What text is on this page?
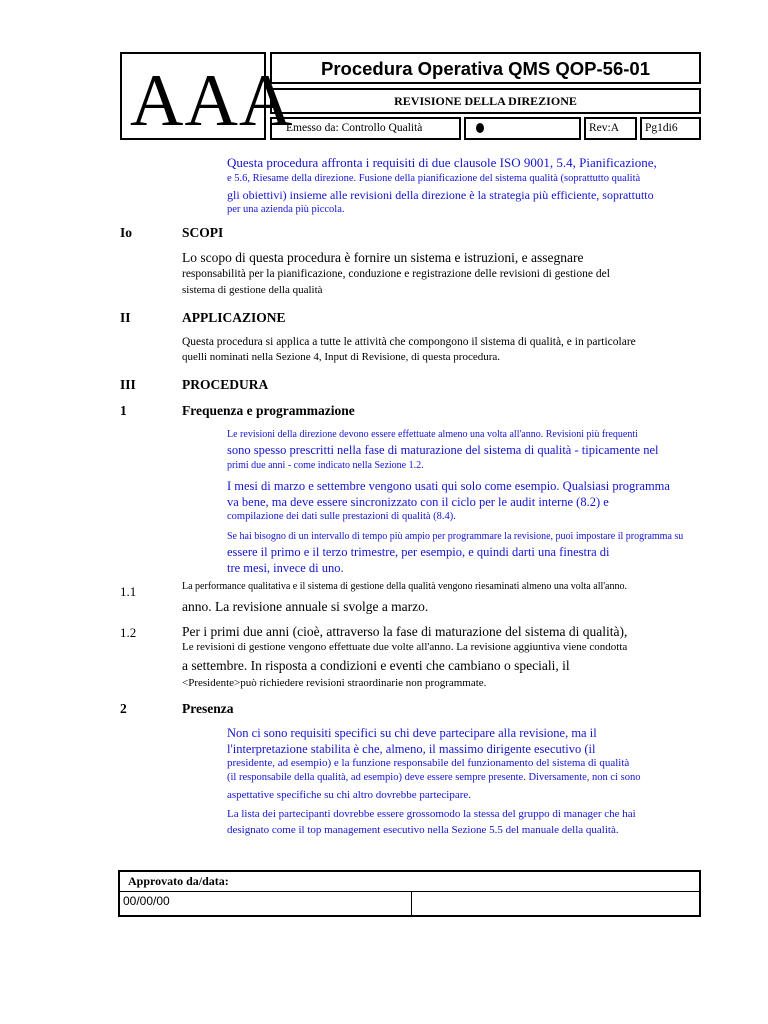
AAA	Procedura Operativa QMS QOP-56-01
REVISIONE DELLA DIREZIONE
Emesso da: Controllo Qualità	Rev:A	Pg1di6
Questa procedura affronta i requisiti di due clausole ISO 9001, 5.4, Pianificazione,
e 5.6, Riesame della direzione. Fusione della pianificazione del sistema qualità (soprattutto qualità
gli obiettivi) insieme alle revisioni della direzione è la strategia più efficiente, soprattutto
per una azienda più piccola.
Io	SCOPI
Lo scopo di questa procedura è fornire un sistema e istruzioni, e assegnare
responsabilità per la pianificazione, conduzione e registrazione delle revisioni di gestione del
sistema di gestione della qualità
II	APPLICAZIONE
Questa procedura si applica a tutte le attività che compongono il sistema di qualità, e in particolare
quelli nominati nella Sezione 4, Input di Revisione, di questa procedura.
III	PROCEDURA
1	Frequenza e programmazione
Le revisioni della direzione devono essere effettuate almeno una volta all'anno. Revisioni più frequenti
sono spesso prescritti nella fase di maturazione del sistema di qualità - tipicamente nel
primi due anni - come indicato nella Sezione 1.2.
I mesi di marzo e settembre vengono usati qui solo come esempio. Qualsiasi programma
va bene, ma deve essere sincronizzato con il ciclo per le audit interne (8.2) e
compilazione dei dati sulle prestazioni di qualità (8.4).
Se hai bisogno di un intervallo di tempo più ampio per programmare la revisione, puoi impostare il programma su
essere il primo e il terzo trimestre, per esempio, e quindi darti una finestra di
tre mesi, invece di uno.
1.1	La performance qualitativa e il sistema di gestione della qualità vengono riesaminati almeno una volta all'anno.
anno. La revisione annuale si svolge a marzo.
1.2	Per i primi due anni (cioè, attraverso la fase di maturazione del sistema di qualità),
Le revisioni di gestione vengono effettuate due volte all'anno. La revisione aggiuntiva viene condotta
a settembre. In risposta a condizioni e eventi che cambiano o speciali, il
<Presidente>può richiedere revisioni straordinarie non programmate.
2	Presenza
Non ci sono requisiti specifici su chi deve partecipare alla revisione, ma il
l'interpretazione stabilita è che, almeno, il massimo dirigente esecutivo (il
presidente, ad esempio) e la funzione responsabile del funzionamento del sistema di qualità
(il responsabile della qualità, ad esempio) deve essere sempre presente. Diversamente, non ci sono
aspettative specifiche su chi altro dovrebbe partecipare.
La lista dei partecipanti dovrebbe essere grossomodo la stessa del gruppo di manager che hai
designato come il top management esecutivo nella Sezione 5.5 del manuale della qualità.
Approvato da/data:
00/00/00
